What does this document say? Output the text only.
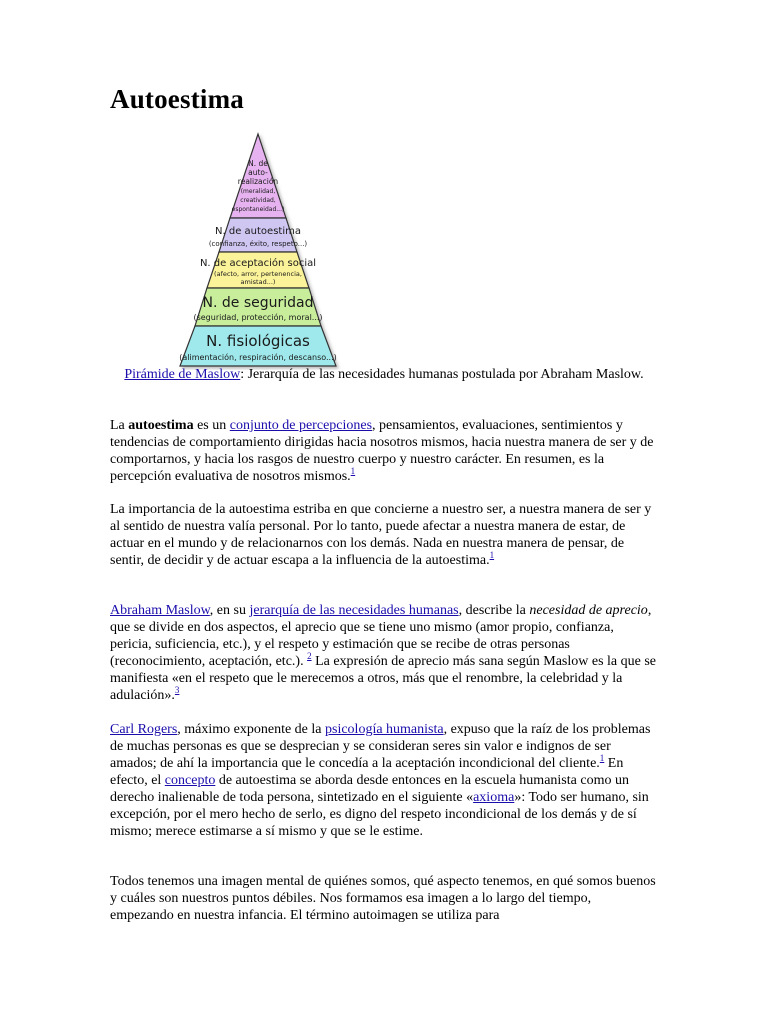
Autoestima
N. de
auto-
realización
(meralidad,
creatividad,
espontaneidad...)
N. de autoestima
(confianza, éxito, respeto...)
N. de aceptación social
(afecto, arror, pertenencia,
amistad...)
N. de seguridad
(seguridad, protección, moral...)
N. fisiológicas
(alimentación, respiración, descanso...)
Pirámide de Maslow: Jerarquía de las necesidades humanas postulada por Abraham Maslow.

La autoestima es un conjunto de percepciones, pensamientos, evaluaciones, sentimientos y tendencias de comportamiento dirigidas hacia nosotros mismos, hacia nuestra manera de ser y de comportarnos, y hacia los rasgos de nuestro cuerpo y nuestro carácter. En resumen, es la percepción evaluativa de nosotros mismos.$^1$

La importancia de la autoestima estriba en que concierne a nuestro ser, a nuestra manera de ser y al sentido de nuestra valía personal. Por lo tanto, puede afectar a nuestra manera de estar, de actuar en el mundo y de relacionarnos con los demás. Nada en nuestra manera de pensar, de sentir, de decidir y de actuar escapa a la influencia de la autoestima.$^1$

Abraham Maslow, en su jerarquía de las necesidades humanas, describe la necesidad de aprecio, que se divide en dos aspectos, el aprecio que se tiene uno mismo (amor propio, confianza, pericia, suficiencia, etc.), y el respeto y estimación que se recibe de otras personas (reconocimiento, aceptación, etc.). $^2$ La expresión de aprecio más sana según Maslow es la que se manifiesta «en el respeto que le merecemos a otros, más que el renombre, la celebridad y la adulación».$^3$

Carl Rogers, máximo exponente de la psicología humanista, expuso que la raíz de los problemas de muchas personas es que se desprecian y se consideran seres sin valor e indignos de ser amados; de ahí la importancia que le concedía a la aceptación incondicional del cliente.$^1$ En efecto, el concepto de autoestima se aborda desde entonces en la escuela humanista como un derecho inalienable de toda persona, sintetizado en el siguiente «axioma»: Todo ser humano, sin excepción, por el mero hecho de serlo, es digno del respeto incondicional de los demás y de sí mismo; merece estimarse a sí mismo y que se le estime.

Todos tenemos una imagen mental de quiénes somos, qué aspecto tenemos, en qué somos buenos y cuáles son nuestros puntos débiles. Nos formamos esa imagen a lo largo del tiempo, empezando en nuestra infancia. El término autoimagen se utiliza para
